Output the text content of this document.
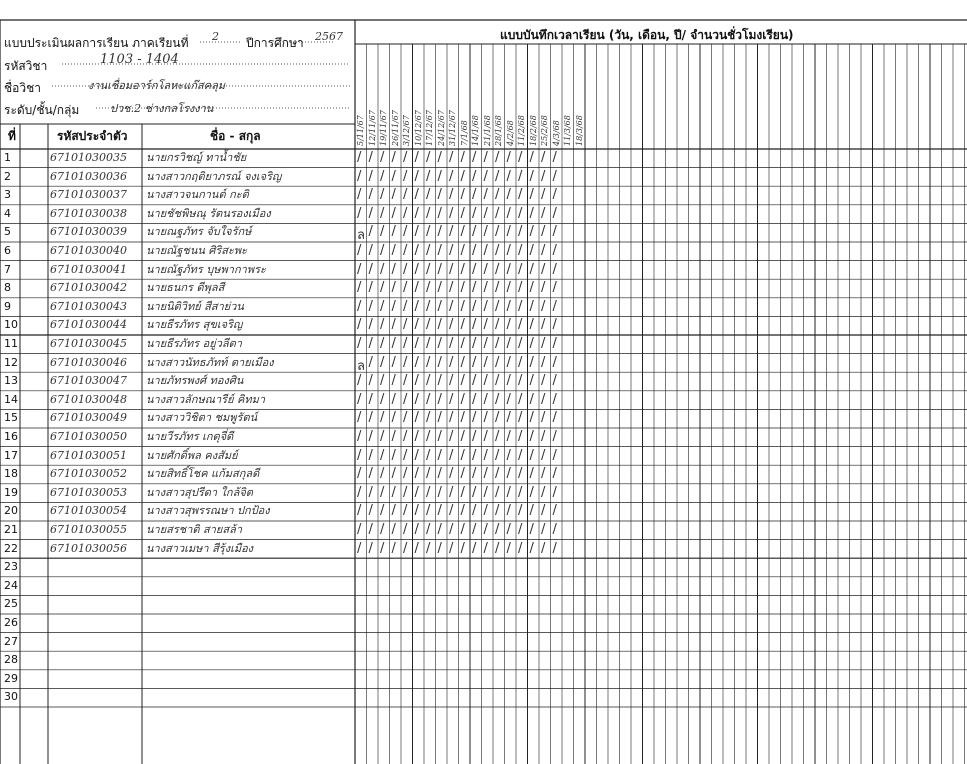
แบบประเมินผลการเรียน ภาคเรียนที่ 2 ปีการศึกษา 2567
รหัสวิชา	1103 - 1404
ชื่อวิชา	งานเชื่อมอาร์กโลหะแก๊สคลุม
ระดับ/ชั้น/กลุ่ม	ปวช.2 ช่างกลโรงงาน
แบบบันทึกเวลาเรียน (วัน, เดือน, ปี/ จำนวนชั่วโมงเรียน)
ที่	รหัสประจำตัว	ชื่อ - สกุล	5/11/67 12/11/67 19/11/67 26/11/67 3/12/67 10/12/67 17/12/67 24/12/67 31/12/67 7/1/68 14/1/68 21/1/68 28/1/68 4/2/68 11/2/68 18/2/68 25/2/68 4/3/68 11/3/68 18/3/68
1	67101030035	นายกรวิชญ์ ทาน้ำชัย	/ / / / / / / / / / / / / / / / / /
2	67101030036	นางสาวกฤติยาภรณ์ จงเจริญ	/ / / / / / / / / / / / / / / / / /
3	67101030037	นางสาวจนกานต์ กะติ	/ / / / / / / / / / / / / / / / / /
4	67101030038	นายชัชพิษณุ รัตนรองเมือง	/ / / / / / / / / / / / / / / / / /
5	67101030039	นายณฐภัทร จับใจรักษ์	ล / / / / / / / / / / / / / / / / /
6	67101030040	นายณัฐชนน ศิริสะพะ	/ / / / / / / / / / / / / / / / / /
7	67101030041	นายณัฐภัทร บุษพากาพระ	/ / / / / / / / / / / / / / / / / /
8	67101030042	นายธนกร ดีพุลสี	/ / / / / / / / / / / / / / / / / /
9	67101030043	นายนิติวิทย์ สีสาย่วน	/ / / / / / / / / / / / / / / / / /
10	67101030044	นายธีรภัทร สุขเจริญ	/ / / / / / / / / / / / / / / / / /
11	67101030045	นายธีรภัทร อยู่วลีตา	/ / / / / / / / / / / / / / / / / /
12	67101030046	นางสาวนัทธภัทท์ ตายเมือง	ล / / / / / / / / / / / / / / / / /
13	67101030047	นายภัทรพงศ์ ทองศิน	/ / / / / / / / / / / / / / / / / /
14	67101030048	นางสาวลักษณารีย์ คิทมา	/ / / / / / / / / / / / / / / / / /
15	67101030049	นางสาววิชิตา ชมพูรัตน์	/ / / / / / / / / / / / / / / / / /
16	67101030050	นายวีรภัทร เกตุจี่ดี	/ / / / / / / / / / / / / / / / / /
17	67101030051	นายศักดิ์พล คงสัมย์	/ / / / / / / / / / / / / / / / / /
18	67101030052	นายสิทธิ์โชค แก้มสกุลดี	/ / / / / / / / / / / / / / / / / /
19	67101030053	นางสาวสุปรีดา ใกล้จิต	/ / / / / / / / / / / / / / / / / /
20	67101030054	นางสาวสุพรรณษา ปกป้อง	/ / / / / / / / / / / / / / / / / /
21	67101030055	นายสรชาติ สายสล้า	/ / / / / / / / / / / / / / / / / /
22	67101030056	นางสาวเมษา สีรุ้งเมือง	/ / / / / / / / / / / / / / / / / /
23
24
25
26
27
28
29
30
